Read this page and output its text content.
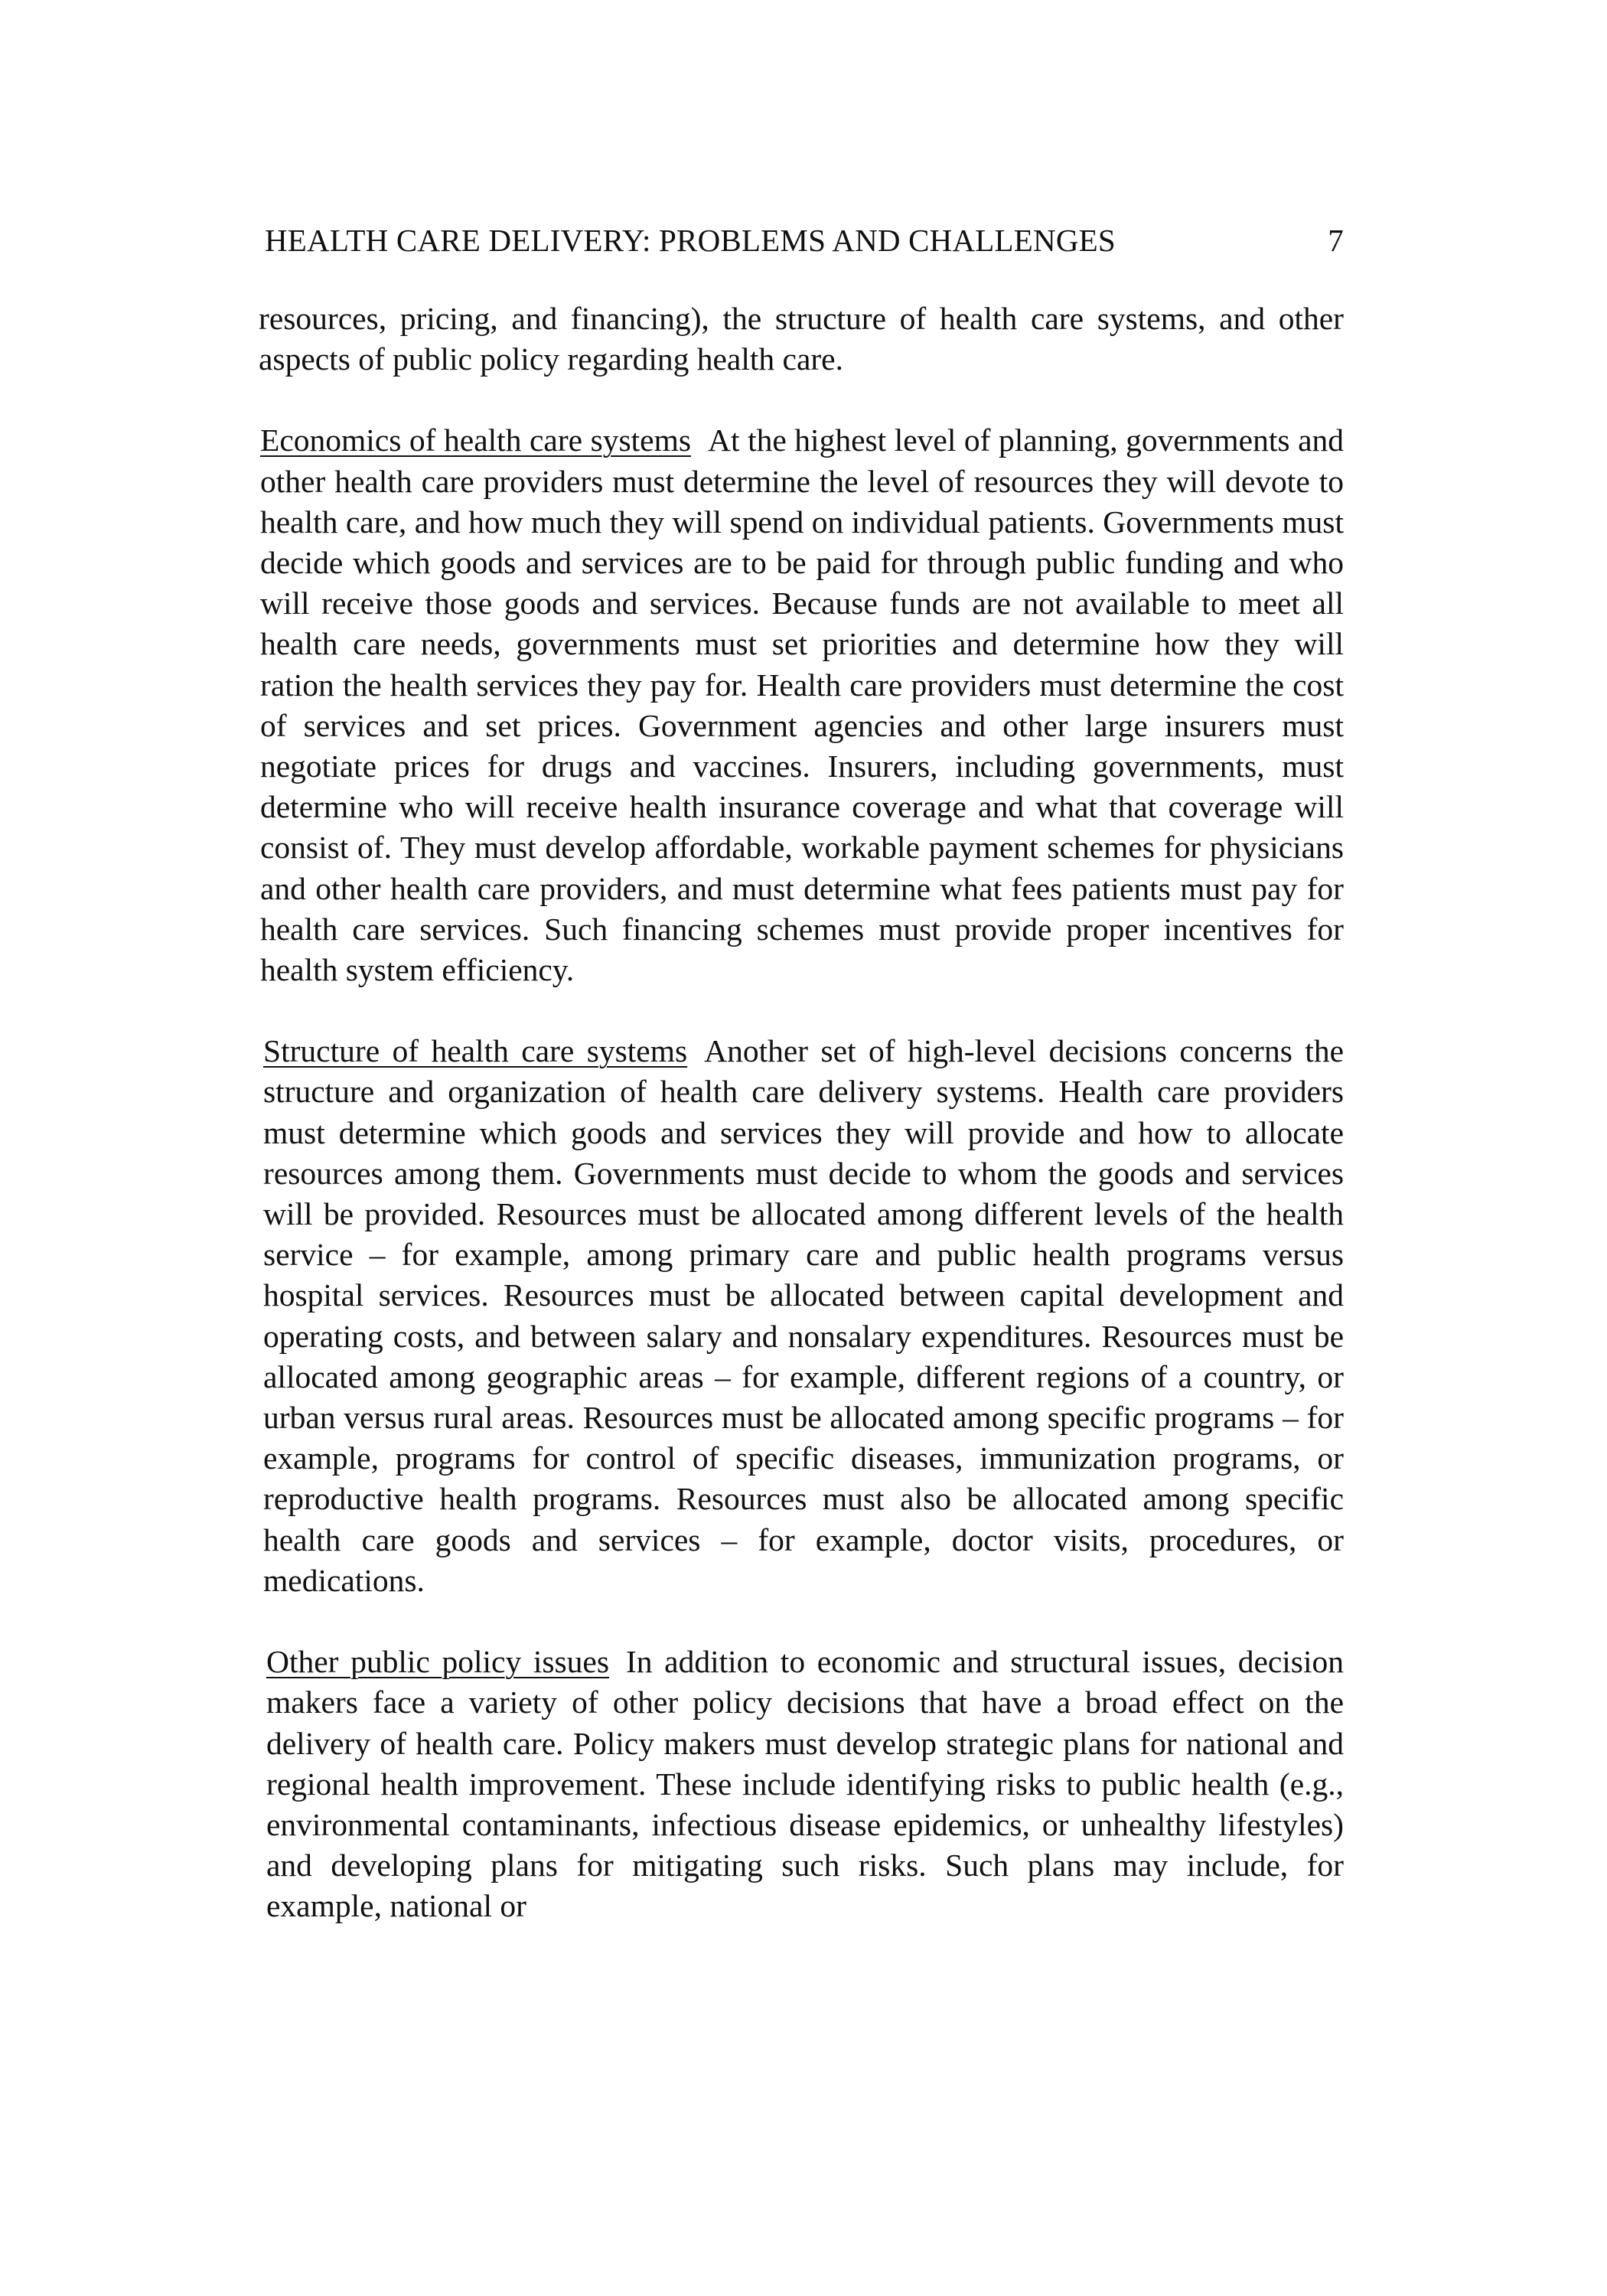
HEALTH CARE DELIVERY: PROBLEMS AND CHALLENGES	7

resources, pricing, and financing), the structure of health care systems, and other aspects of public policy regarding health care.

Economics of health care systems At the highest level of planning, governments and other health care providers must determine the level of resources they will devote to health care, and how much they will spend on individual patients. Governments must decide which goods and services are to be paid for through public funding and who will receive those goods and services. Because funds are not available to meet all health care needs, governments must set priorities and determine how they will ration the health services they pay for. Health care providers must determine the cost of services and set prices. Government agencies and other large insurers must negotiate prices for drugs and vaccines. Insurers, including governments, must determine who will receive health insurance coverage and what that coverage will consist of. They must develop affordable, workable payment schemes for physicians and other health care providers, and must determine what fees patients must pay for health care services. Such financing schemes must provide proper incentives for health system efficiency.

Structure of health care systems Another set of high-level decisions concerns the structure and organization of health care delivery systems. Health care providers must determine which goods and services they will provide and how to allocate resources among them. Governments must decide to whom the goods and services will be provided. Resources must be allocated among different levels of the health service – for example, among primary care and public health programs versus hospital services. Resources must be allocated between capital development and operating costs, and between salary and nonsalary expenditures. Resources must be allocated among geographic areas – for example, different regions of a country, or urban versus rural areas. Resources must be allocated among specific programs – for example, programs for control of specific diseases, immunization programs, or reproductive health programs. Resources must also be allocated among specific health care goods and services – for example, doctor visits, procedures, or medications.

Other public policy issues In addition to economic and structural issues, decision makers face a variety of other policy decisions that have a broad effect on the delivery of health care. Policy makers must develop strategic plans for national and regional health improvement. These include identifying risks to public health (e.g., environmental contaminants, infectious disease epidemics, or unhealthy lifestyles) and developing plans for mitigating such risks. Such plans may include, for example, national or
